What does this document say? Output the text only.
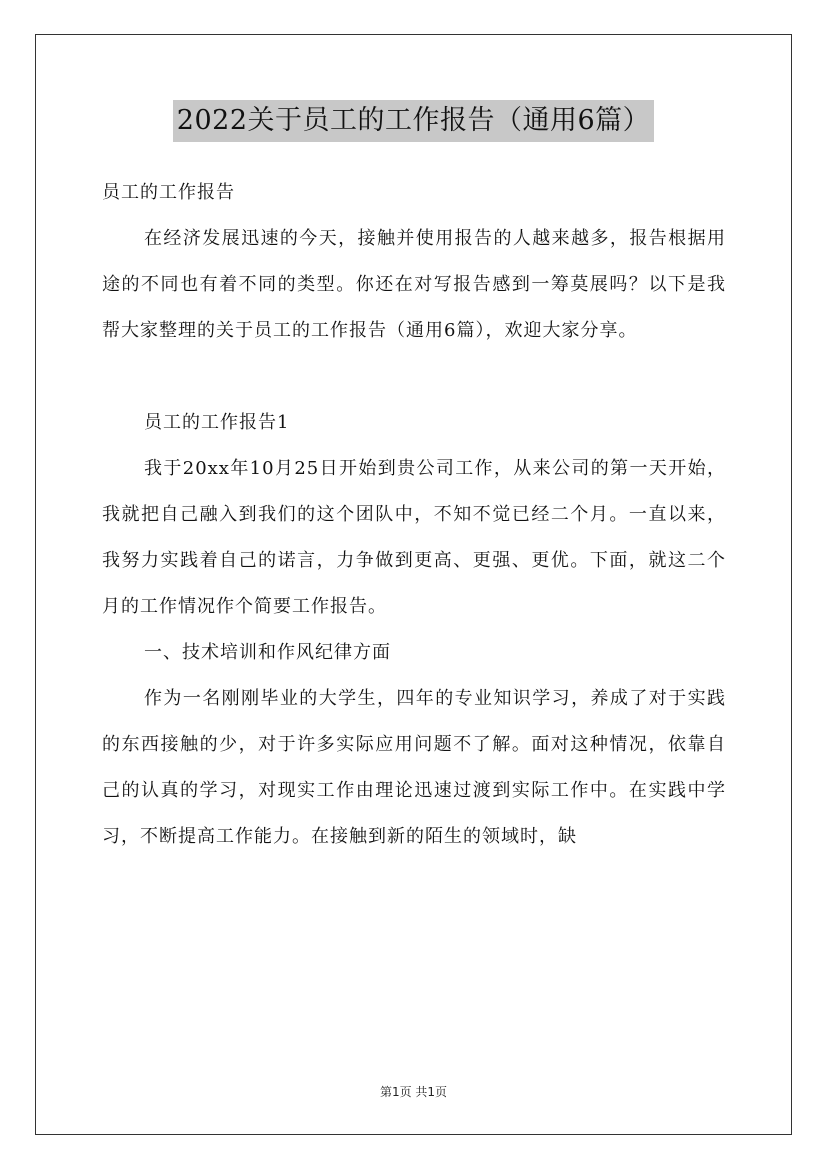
2022关于员工的工作报告（通用6篇）

员工的工作报告

在经济发展迅速的今天，接触并使用报告的人越来越多，报告根据用途的不同也有着不同的类型。你还在对写报告感到一筹莫展吗？以下是我帮大家整理的关于员工的工作报告（通用6篇），欢迎大家分享。

员工的工作报告1

我于20xx年10月25日开始到贵公司工作，从来公司的第一天开始，我就把自己融入到我们的这个团队中，不知不觉已经二个月。一直以来，我努力实践着自己的诺言，力争做到更高、更强、更优。下面，就这二个月的工作情况作个简要工作报告。

一、技术培训和作风纪律方面

作为一名刚刚毕业的大学生，四年的专业知识学习，养成了对于实践的东西接触的少，对于许多实际应用问题不了解。面对这种情况，依靠自己的认真的学习，对现实工作由理论迅速过渡到实际工作中。在实践中学习，不断提高工作能力。在接触到新的陌生的领域时，缺

第1页 共1页
